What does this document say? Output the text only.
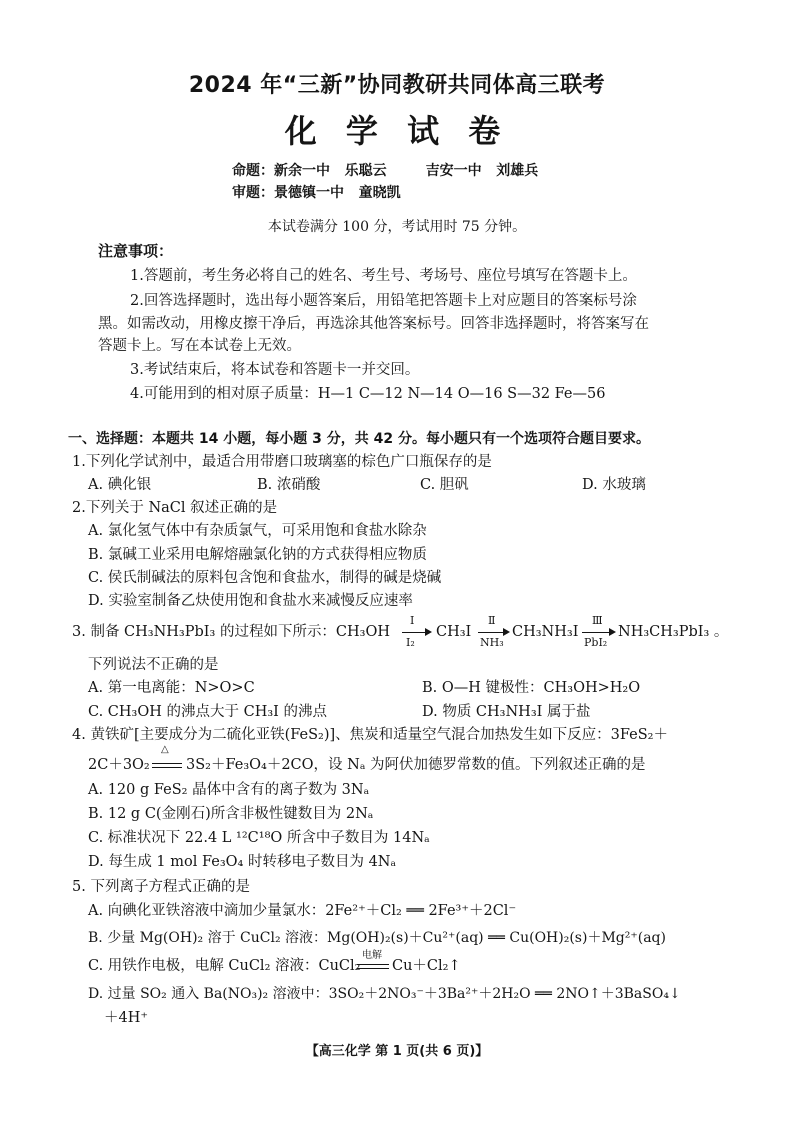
2024 年“三新”协同教研共同体高三联考
化 学 试 卷
命题：新余一中   乐聪云        吉安一中   刘雄兵
审题：景德镇一中   童晓凯
本试卷满分 100 分，考试用时 75 分钟。
注意事项：
1.答题前，考生务必将自己的姓名、考生号、考场号、座位号填写在答题卡上。
2.回答选择题时，选出每小题答案后，用铅笔把答题卡上对应题目的答案标号涂
黑。如需改动，用橡皮擦干净后，再选涂其他答案标号。回答非选择题时，将答案写在
答题卡上。写在本试卷上无效。
3.考试结束后，将本试卷和答题卡一并交回。
4.可能用到的相对原子质量：H—1 C—12 N—14 O—16 S—32 Fe—56
一、选择题：本题共 14 小题，每小题 3 分，共 42 分。每小题只有一个选项符合题目要求。
1.下列化学试剂中，最适合用带磨口玻璃塞的棕色广口瓶保存的是
A. 碘化银	B. 浓硝酸	C. 胆矾	D. 水玻璃
2.下列关于 NaCl 叙述正确的是
A. 氯化氢气体中有杂质氯气，可采用饱和食盐水除杂
B. 氯碱工业采用电解熔融氯化钠的方式获得相应物质
C. 侯氏制碱法的原料包含饱和食盐水，制得的碱是烧碱
D. 实验室制备乙炔使用饱和食盐水来减慢反应速率
3. 制备 CH₃NH₃PbI₃ 的过程如下所示：CH₃OH
Ⅰ
I₂
CH₃I
Ⅱ
NH₃
CH₃NH₃I
Ⅲ
PbI₂
NH₃CH₃PbI₃ 。
下列说法不正确的是
A. 第一电离能：N>O>C	B. O—H 键极性：CH₃OH>H₂O
C. CH₃OH 的沸点大于 CH₃I 的沸点	D. 物质 CH₃NH₃I 属于盐
4. 黄铁矿[主要成分为二硫化亚铁(FeS₂)]、焦炭和适量空气混合加热发生如下反应：3FeS₂＋
2C＋3O₂
△
3S₂＋Fe₃O₄＋2CO，设 Nₐ 为阿伏加德罗常数的值。下列叙述正确的是
A. 120 g FeS₂ 晶体中含有的离子数为 3Nₐ
B. 12 g C(金刚石)所含非极性键数目为 2Nₐ
C. 标准状况下 22.4 L ¹²C¹⁸O 所含中子数目为 14Nₐ
D. 每生成 1 mol Fe₃O₄ 时转移电子数目为 4Nₐ
5. 下列离子方程式正确的是
A. 向碘化亚铁溶液中滴加少量氯水：2Fe²⁺＋Cl₂ ══ 2Fe³⁺＋2Cl⁻
B. 少量 Mg(OH)₂ 溶于 CuCl₂ 溶液：Mg(OH)₂(s)＋Cu²⁺(aq) ══ Cu(OH)₂(s)＋Mg²⁺(aq)
C. 用铁作电极，电解 CuCl₂ 溶液：CuCl₂
电解
Cu＋Cl₂↑
D. 过量 SO₂ 通入 Ba(NO₃)₂ 溶液中：3SO₂＋2NO₃⁻＋3Ba²⁺＋2H₂O ══ 2NO↑＋3BaSO₄↓
＋4H⁺
【高三化学 第 1 页(共 6 页)】
